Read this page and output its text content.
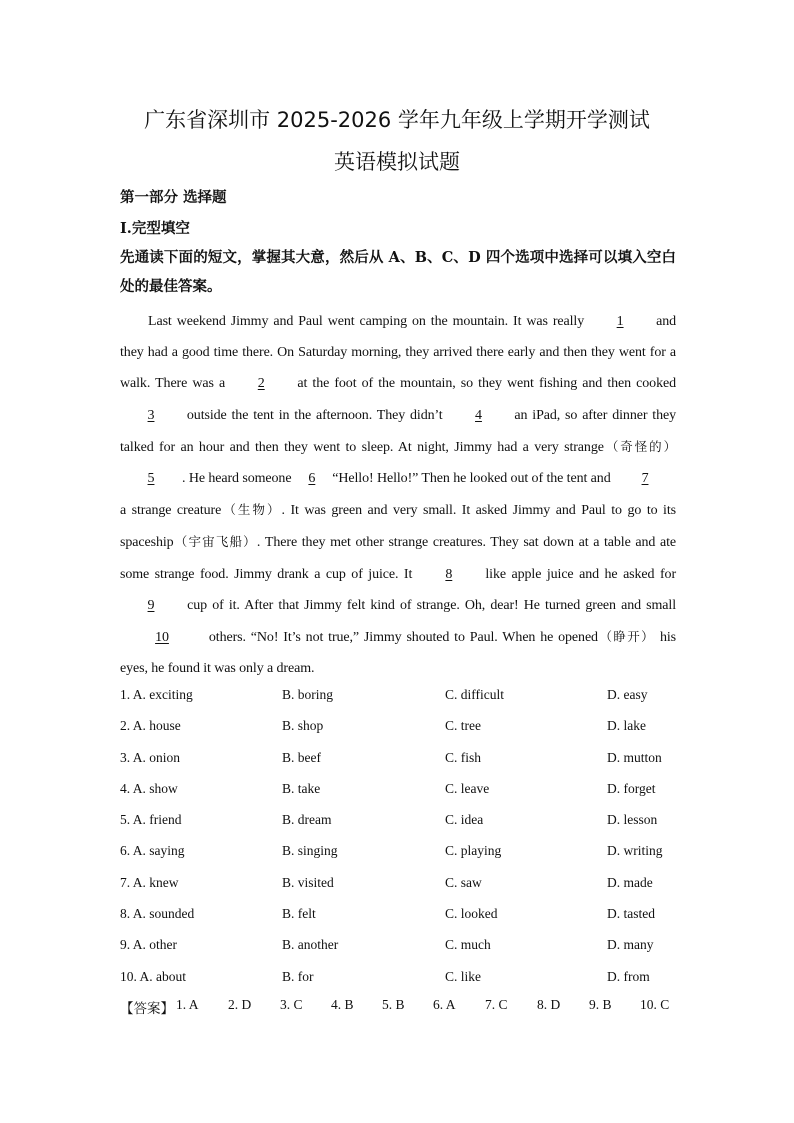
广东省深圳市 2025-2026 学年九年级上学期开学测试
英语模拟试题
第一部分 选择题
I.完型填空
先通读下面的短文，掌握其大意，然后从 A、B、C、D 四个选项中选择可以填入空白处的最佳答案。
Last weekend Jimmy and Paul went camping on the mountain. It was really 1 and they had a good time there. On Saturday morning, they arrived there early and then they went for a walk. There was a 2 at the foot of the mountain, so they went fishing and then cooked 3 outside the tent in the afternoon. They didn’t 4 an iPad, so after dinner they talked for an hour and then they went to sleep. At night, Jimmy had a very strange（奇怪的）5 . He heard someone 6 “Hello! Hello!” Then he looked out of the tent and 7 a strange creature（生物）. It was green and very small. It asked Jimmy and Paul to go to its spaceship（宇宙飞船）. There they met other strange creatures. They sat down at a table and ate some strange food. Jimmy drank a cup of juice. It 8 like apple juice and he asked for 9 cup of it. After that Jimmy felt kind of strange. Oh, dear! He turned green and small 10	others. “No! It’s not true,” Jimmy shouted to Paul. When he opened（睁开） his eyes, he found it was only a dream.
1. A. exciting	B. boring	C. difficult	D. easy
2. A. house	B. shop	C. tree	D. lake
3. A. onion	B. beef	C. fish	D. mutton
4. A. show	B. take	C. leave	D. forget
5. A. friend	B. dream	C. idea	D. lesson
6. A. saying	B. singing	C. playing	D. writing
7. A. knew	B. visited	C. saw	D. made
8. A. sounded	B. felt	C. looked	D. tasted
9. A. other	B. another	C. much	D. many
10. A. about	B. for	C. like	D. from
【答案】 1. A 2. D 3. C 4. B 5. B 6. A 7. C 8. D 9. B 10. C
